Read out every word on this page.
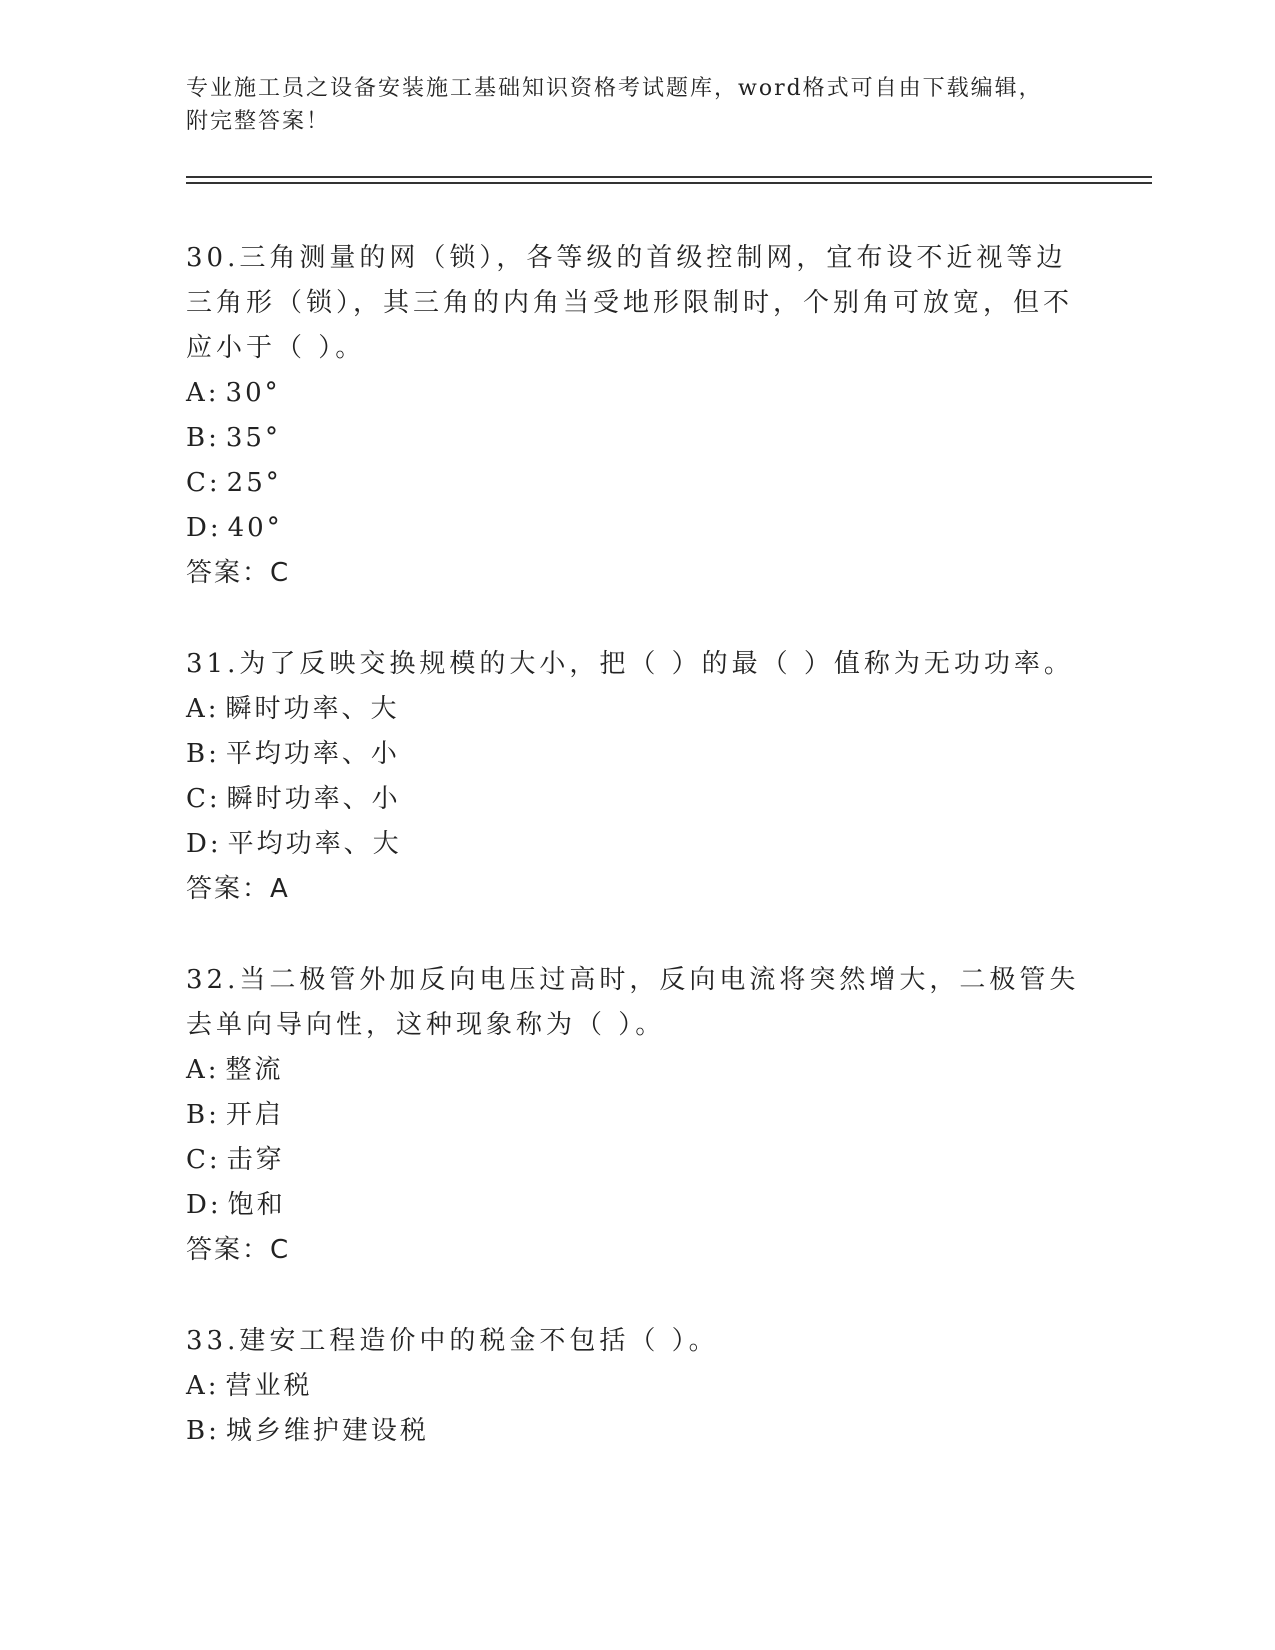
专业施工员之设备安装施工基础知识资格考试题库，word格式可自由下载编辑，附完整答案！
30.三角测量的网（锁），各等级的首级控制网，宜布设不近视等边三角形（锁），其三角的内角当受地形限制时，个别角可放宽，但不应小于（ ）。
A: 30°
B: 35°
C: 25°
D: 40°
答案：C
31.为了反映交换规模的大小，把（ ）的最（ ）值称为无功功率。
A: 瞬时功率、大
B: 平均功率、小
C: 瞬时功率、小
D: 平均功率、大
答案：A
32.当二极管外加反向电压过高时，反向电流将突然增大，二极管失去单向导向性，这种现象称为（ ）。
A: 整流
B: 开启
C: 击穿
D: 饱和
答案：C
33.建安工程造价中的税金不包括（ ）。
A: 营业税
B: 城乡维护建设税
